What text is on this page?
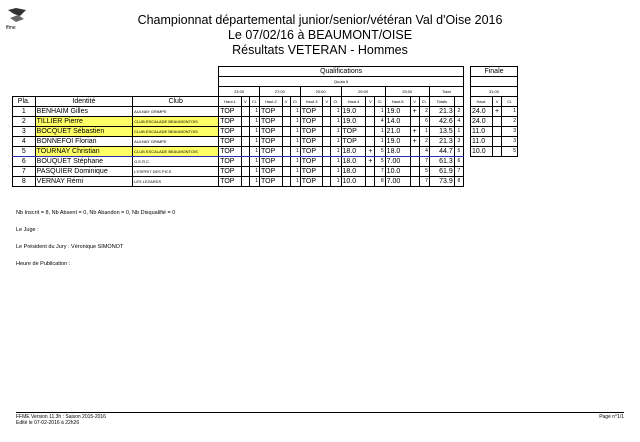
ffme
Championnat départemental junior/senior/vétéran Val d'Oise 2016
Le 07/02/16 à BEAUMONT/OISE
Résultats VETERAN - Hommes
			Qualifications																
			Quota 5																
			23:00			27:00			20:00			29:00			25:00			Total	
Pla.	Identité	Club	Haut.1	V	Cl.	Haut.2	V	Cl.	Haut.3	V	Cl.	Haut.4	V	Cl.	Haut.5	V	Cl.	Totals	
1	BENHAIM Gilles	AULNAY GRIMPE	TOP		1	TOP		1	TOP		1	19.0		1	19.0	+	2	21.3	2
2	TILLIER Pierre	CLUB ESCALADE BEAUMONTOIS	TOP		1	TOP		1	TOP		1	19.0		4	14.0		6	42.6	4
3	BOCQUET Sébastien	CLUB ESCALADE BEAUMONTOIS	TOP		1	TOP		1	TOP		1	TOP		1	21.0	+	1	13.5	1
4	BONNEFOI Florian	AULNAY GRIMPE	TOP		1	TOP		1	TOP		1	TOP		1	19.0	+	2	21.3	3
5	TOURNAY Christian	CLUB ESCALADE BEAUMONTOIS	TOP		1	TOP		1	TOP		1	18.0	+	5	18.0		4	44.7	5
6	BOUQUET Stéphane	G.E.R.C.	TOP		1	TOP		1	TOP		1	18.0	+	5	7.00		7	61.3	6
7	PASQUIER Dominique	L'ESPRIT DES PICS	TOP		1	TOP		1	TOP		1	18.0		7	10.0		5	61.9	7
8	VERNAY Rémi	LES LEZARDS	TOP		1	TOP		1	TOP		1	10.0		8	7.00		7	73.9	8
Finale		

31:00		
Haut.	V	Cl.
24.0	+	1
24.0		2
11.0		3
11.0		3
10.0		5
Nb Inscrit = 8, Nb Absent = 0, Nb Abandon = 0, Nb Disqualifié = 0
Le Juge :
Le Président du Jury : Véronique SIMONOT
Heure de Publication :
FFME Version 11.3h : Saison 2015-2016
Edité le 07-02-2016 à 22h26
Page n°1/1
